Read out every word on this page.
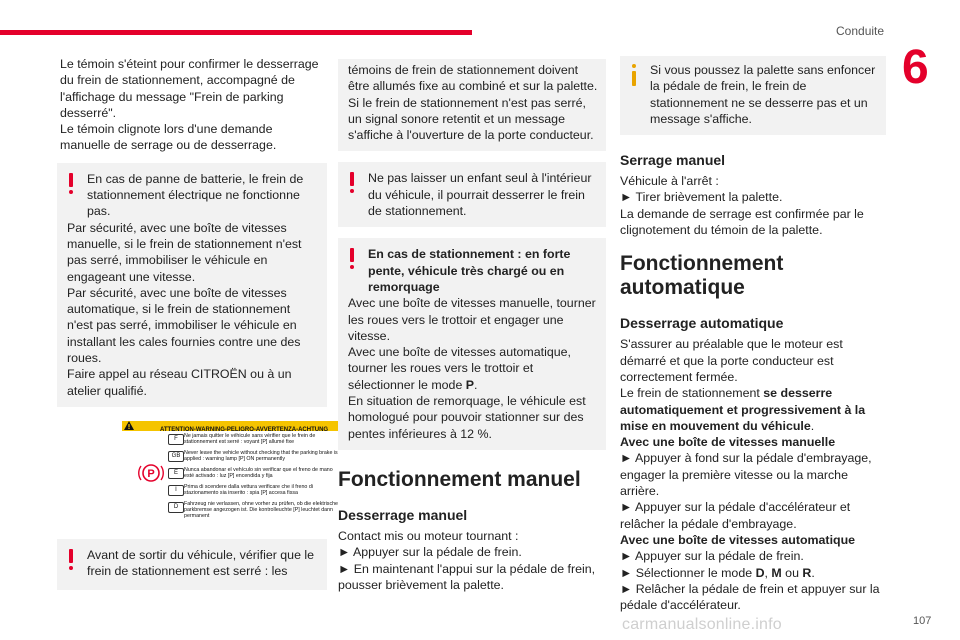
Conduite
6

Le témoin s'éteint pour confirmer le desserrage du frein de stationnement, accompagné de l'affichage du message "Frein de parking desserré".

Le témoin clignote lors d'une demande manuelle de serrage ou de desserrage.

En cas de panne de batterie, le frein de stationnement électrique ne fonctionne pas.

Par sécurité, avec une boîte de vitesses manuelle, si le frein de stationnement n'est pas serré, immobiliser le véhicule en engageant une vitesse.

Par sécurité, avec une boîte de vitesses automatique, si le frein de stationnement n'est pas serré, immobiliser le véhicule en installant les cales fournies contre une des roues.

Faire appel au réseau CITROËN ou à un atelier qualifié.

ATTENTION-WARNING-PELIGRO-AVVERTENZA-ACHTUNG
P
F	Ne jamais quitter le véhicule sans vérifier que le frein de stationnement est serré : voyant [P] allumé fixe
GB Never leave the vehicle without checking that the parking brake is applied : warning lamp [P] ON permanently
E	Nunca abandonar el vehículo sin verificar que el freno de mano esté activado : luz [P] encendida y fija
I	Prima di scendere dalla vettura verificare che il freno di stazionamento sia inserito : spia [P] accesa fissa
D	Fahrzeug nie verlassen, ohne vorher zu prüfen, ob die elektrische parkbremse angezogen ist. Die kontrolleuchte [P] leuchtet dann permanent

Avant de sortir du véhicule, vérifier que le frein de stationnement est serré : les

témoins de frein de stationnement doivent être allumés fixe au combiné et sur la palette. Si le frein de stationnement n'est pas serré, un signal sonore retentit et un message s'affiche à l'ouverture de la porte conducteur.

Ne pas laisser un enfant seul à l'intérieur du véhicule, il pourrait desserrer le frein de stationnement.

En cas de stationnement : en forte pente, véhicule très chargé ou en remorquage

Avec une boîte de vitesses manuelle, tourner les roues vers le trottoir et engager une vitesse.

Avec une boîte de vitesses automatique, tourner les roues vers le trottoir et sélectionner le mode P.

En situation de remorquage, le véhicule est homologué pour pouvoir stationner sur des pentes inférieures à 12 %.

Fonctionnement manuel
Desserrage manuel

Contact mis ou moteur tournant :

► Appuyer sur la pédale de frein.

► En maintenant l'appui sur la pédale de frein, pousser brièvement la palette.

Si vous poussez la palette sans enfoncer la pédale de frein, le frein de stationnement ne se desserre pas et un message s'affiche.

Serrage manuel

Véhicule à l'arrêt :

► Tirer brièvement la palette.

La demande de serrage est confirmée par le clignotement du témoin de la palette.

Fonctionnement automatique
Desserrage automatique

S'assurer au préalable que le moteur est démarré et que la porte conducteur est correctement fermée.

Le frein de stationnement se desserre automatiquement et progressivement à la mise en mouvement du véhicule.

Avec une boîte de vitesses manuelle

► Appuyer à fond sur la pédale d'embrayage, engager la première vitesse ou la marche arrière.

► Appuyer sur la pédale d'accélérateur et relâcher la pédale d'embrayage.

Avec une boîte de vitesses automatique

► Appuyer sur la pédale de frein.

► Sélectionner le mode D, M ou R.

► Relâcher la pédale de frein et appuyer sur la pédale d'accélérateur.

carmanualsonline.info	107
